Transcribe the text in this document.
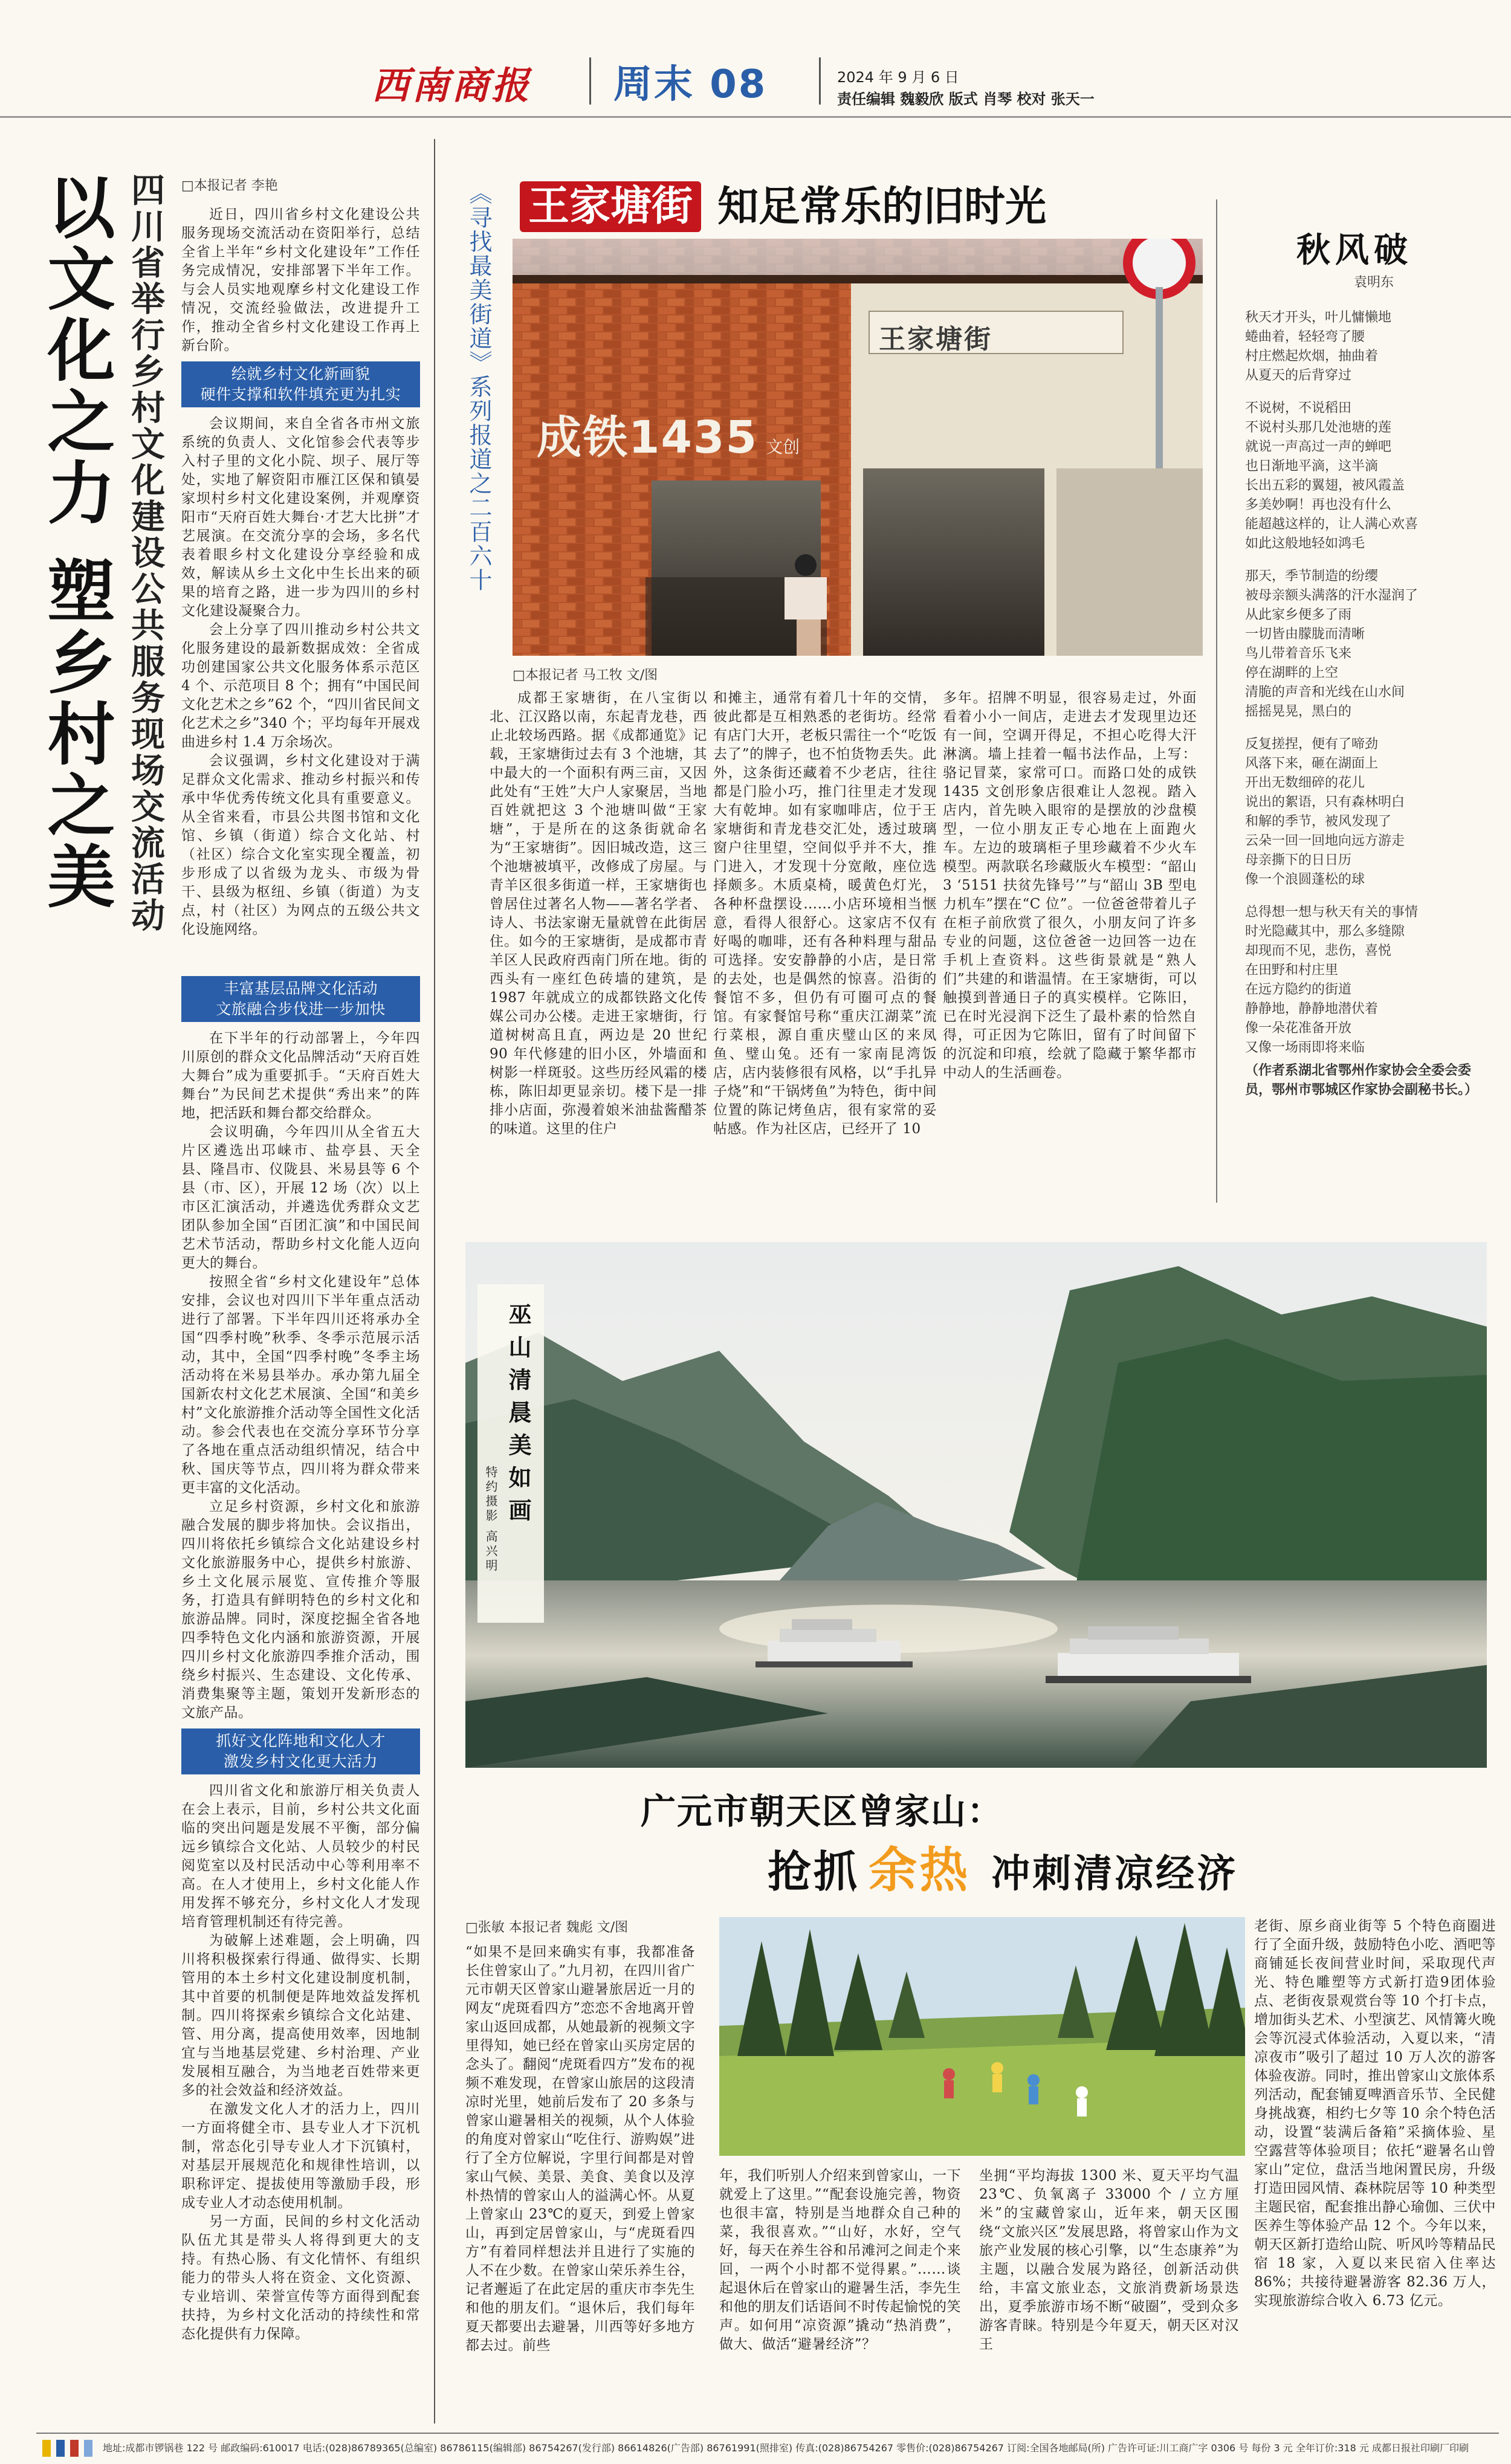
西南商报 周末 08	2024 年 9 月 6 日
责任编辑 魏毅欣 版式 肖琴 校对 张天一
以文化之力 塑乡村之美 四川省举行乡村文化建设公共服务现场交流活动 □本报记者 李艳

近日，四川省乡村文化建设公共服务现场交流活动在资阳举行，总结全省上半年“乡村文化建设年”工作任务完成情况，安排部署下半年工作。与会人员实地观摩乡村文化建设工作情况，交流经验做法，改进提升工作，推动全省乡村文化建设工作再上新台阶。

绘就乡村文化新画貌
硬件支撑和软件填充更为扎实

会议期间，来自全省各市州文旅系统的负责人、文化馆参会代表等步入村子里的文化小院、坝子、展厅等处，实地了解资阳市雁江区保和镇晏家坝村乡村文化建设案例，并观摩资阳市“天府百姓大舞台·才艺大比拼”才艺展演。在交流分享的会场，多名代表着眼乡村文化建设分享经验和成效，解读从乡土文化中生长出来的硕果的培育之路，进一步为四川的乡村文化建设凝聚合力。

会上分享了四川推动乡村公共文化服务建设的最新数据成效：全省成功创建国家公共文化服务体系示范区 4 个、示范项目 8 个；拥有“中国民间文化艺术之乡”62 个，“四川省民间文化艺术之乡”340 个；平均每年开展戏曲进乡村 1.4 万余场次。

会议强调，乡村文化建设对于满足群众文化需求、推动乡村振兴和传承中华优秀传统文化具有重要意义。从全省来看，市县公共图书馆和文化馆、乡镇（街道）综合文化站、村（社区）综合文化室实现全覆盖，初步形成了以省级为龙头、市级为骨干、县级为枢纽、乡镇（街道）为支点，村（社区）为网点的五级公共文化设施网络。

丰富基层品牌文化活动
文旅融合步伐进一步加快

在下半年的行动部署上，今年四川原创的群众文化品牌活动“天府百姓大舞台”成为重要抓手。“天府百姓大舞台”为民间艺术提供“秀出来”的阵地，把活跃和舞台都交给群众。

会议明确，今年四川从全省五大片区遴选出邛崃市、盐亭县、天全县、隆昌市、仪陇县、米易县等 6 个县（市、区），开展 12 场（次）以上市区汇演活动，并遴选优秀群众文艺团队参加全国“百团汇演”和中国民间艺术节活动，帮助乡村文化能人迈向更大的舞台。

按照全省“乡村文化建设年”总体安排，会议也对四川下半年重点活动进行了部署。下半年四川还将承办全国“四季村晚”秋季、冬季示范展示活动，其中，全国“四季村晚”冬季主场活动将在米易县举办。承办第九届全国新农村文化艺术展演、全国“和美乡村”文化旅游推介活动等全国性文化活动。参会代表也在交流分享环节分享了各地在重点活动组织情况，结合中秋、国庆等节点，四川将为群众带来更丰富的文化活动。

立足乡村资源，乡村文化和旅游融合发展的脚步将加快。会议指出，四川将依托乡镇综合文化站建设乡村文化旅游服务中心，提供乡村旅游、乡土文化展示展览、宣传推介等服务，打造具有鲜明特色的乡村文化和旅游品牌。同时，深度挖掘全省各地四季特色文化内涵和旅游资源，开展四川乡村文化旅游四季推介活动，围绕乡村振兴、生态建设、文化传承、消费集聚等主题，策划开发新形态的文旅产品。

抓好文化阵地和文化人才
激发乡村文化更大活力

四川省文化和旅游厅相关负责人在会上表示，目前，乡村公共文化面临的突出问题是发展不平衡，部分偏远乡镇综合文化站、人员较少的村民阅览室以及村民活动中心等利用率不高。在人才使用上，乡村文化能人作用发挥不够充分，乡村文化人才发现培育管理机制还有待完善。

为破解上述难题，会上明确，四川将积极探索行得通、做得实、长期管用的本土乡村文化建设制度机制，其中首要的机制便是阵地效益发挥机制。四川将探索乡镇综合文化站建、管、用分离，提高使用效率，因地制宜与当地基层党建、乡村治理、产业发展相互融合，为当地老百姓带来更多的社会效益和经济效益。

在激发文化人才的活力上，四川一方面将健全市、县专业人才下沉机制，常态化引导专业人才下沉镇村，对基层开展规范化和规律性培训，以职称评定、提拔使用等激励手段，形成专业人才动态使用机制。

另一方面，民间的乡村文化活动队伍尤其是带头人将得到更大的支持。有热心肠、有文化情怀、有组织能力的带头人将在资金、文化资源、专业培训、荣誉宣传等方面得到配套扶持，为乡村文化活动的持续性和常态化提供有力保障。

《寻找最美街道》系列报道之二百六十 王家塘街 知足常乐的旧时光
成铁1435 文创
王家塘街
□本报记者 马工牧 文/图
成都王家塘街，在八宝街以北、江汉路以南，东起青龙巷，西止北较场西路。据《成都通览》记载，王家塘街过去有 3 个池塘，其中最大的一个面积有两三亩，又因此处有“王姓”大户人家聚居，当地百姓就把这 3 个池塘叫做“王家塘”，于是所在的这条街就命名为“王家塘街”。因旧城改造，这三个池塘被填平，改修成了房屋。与青羊区很多街道一样，王家塘街也曾居住过著名人物——著名学者、诗人、书法家谢无量就曾在此街居住。如今的王家塘街，是成都市青羊区人民政府西南门所在地。街的西头有一座红色砖墙的建筑，是 1987 年就成立的成都铁路文化传媒公司办公楼。走进王家塘街，行道树树高且直，两边是 20 世纪 90 年代修建的旧小区，外墙面和树影一样斑驳。这些历经风霜的楼栋，陈旧却更显亲切。楼下是一排排小店面，弥漫着娘米油盐酱醋茶的味道。这里的住户
和摊主，通常有着几十年的交情，彼此都是互相熟悉的老街坊。经常有店门大开，老板只需往一个“吃饭去了”的牌子，也不怕货物丢失。此外，这条街还藏着不少老店，往往都是门脸小巧，推门往里走才发现大有乾坤。如有家咖啡店，位于王家塘街和青龙巷交汇处，透过玻璃窗户往里望，空间似乎并不大，推门进入，才发现十分宽敞，座位选择颇多。木质桌椅，暖黄色灯光，各种杯盘摆设……小店环境相当惬意，看得人很舒心。这家店不仅有好喝的咖啡，还有各种料理与甜品可选择。安安静静的小店，是日常的去处，也是偶然的惊喜。沿街的餐馆不多，但仍有可圈可点的餐馆。有家餐馆号称“重庆江湖菜”流行菜根，源自重庆璧山区的来凤鱼、璧山兔。还有一家南昆湾饭店，店内装修很有风格，以“手扎异子烧”和“干锅烤鱼”为特色，街中间位置的陈记烤鱼店，很有家常的妥帖感。作为社区店，已经开了 10
多年。招牌不明显，很容易走过，外面看着小小一间店，走进去才发现里边还有一间，空调开得足，不担心吃得大汗淋漓。墙上挂着一幅书法作品，上写：骆记冒菜，家常可口。而路口处的成铁 1435 文创形象店很难让人忽视。踏入店内，首先映入眼帘的是摆放的沙盘模型，一位小朋友正专心地在上面跑火车。左边的玻璃柜子里珍藏着不少火车模型。两款联名珍藏版火车模型：“韶山 3 ‘5151 扶贫先锋号’”与“韶山 3B 型电力机车”摆在“C 位”。一位爸爸带着儿子在柜子前欣赏了很久，小朋友问了许多专业的问题，这位爸爸一边回答一边在手机上查资料。这些街景就是“熟人们”共建的和谐温情。在王家塘街，可以触摸到普通日子的真实模样。它陈旧，已在时光浸润下泛生了最朴素的恰然自得，可正因为它陈旧，留有了时间留下的沉淀和印痕，绘就了隐藏于繁华都市中动人的生活画卷。
秋风破
袁明东
秋天才开头，叶儿慵懒地
蜷曲着，轻轻弯了腰
村庄燃起炊烟，抽曲着
从夏天的后背穿过
不说树，不说稻田
不说村头那几处池塘的莲
就说一声高过一声的蝉吧
也日渐地平滴，这半滴
长出五彩的翼翅，被风霞盖
多美妙啊！再也没有什么
能超越这样的，让人满心欢喜
如此这般地轻如鸿毛
那天，季节制造的纷缨
被母亲额头满落的汗水湿润了
从此家乡便多了雨
一切皆由朦胧而清晰
鸟儿带着音乐飞来
停在湖畔的上空
清脆的声音和光线在山水间
摇摇晃晃，黑白的
反复搓捏，便有了啼劲
风落下来，砸在湖面上
开出无数细碎的花儿
说出的絮语，只有森林明白
和解的季节，被风发现了
云朵一回一回地向远方游走
母亲撕下的日日历
像一个浪圆蓬松的球
总得想一想与秋天有关的事情
时光隐藏其中，那么多缝隙
却现而不见，悲伤，喜悦
在田野和村庄里
在远方隐约的街道
静静地，静静地潜伏着
像一朵花准备开放
又像一场雨即将来临
（作者系湖北省鄂州作家协会全委会委员，鄂州市鄂城区作家协会副秘书长。）
巫山清晨美如画
特约摄影 高兴明
广元市朝天区曾家山：
抢抓 余热 冲刺清凉经济
□张敏 本报记者 魏彪 文/图
“如果不是回来确实有事，我都准备长住曾家山了。”九月初，在四川省广元市朝天区曾家山避暑旅居近一月的网友“虎斑看四方”恋恋不舍地离开曾家山返回成都，从她最新的视频文字里得知，她已经在曾家山买房定居的念头了。翻阅“虎斑看四方”发布的视频不难发现，在曾家山旅居的这段清凉时光里，她前后发布了 20 多条与曾家山避暑相关的视频，从个人体验的角度对曾家山“吃住行、游购娱”进行了全方位解说，字里行间都是对曾家山气候、美景、美食、美食以及淳朴热情的曾家山人的溢满心怀。从夏上曾家山 23℃的夏天，到爱上曾家山，再到定居曾家山，与“虎斑看四方”有着同样想法并且进行了实施的人不在少数。在曾家山荣乐养生谷，记者邂逅了在此定居的重庆市李先生和他的朋友们。“退休后，我们每年夏天都要出去避暑，川西等好多地方都去过。前些
年，我们听别人介绍来到曾家山，一下就爱上了这里。”“配套设施完善，物资也很丰富，特别是当地群众自己种的菜，我很喜欢。”“山好，水好，空气好，每天在养生谷和吊滩河之间走个来回，一两个小时都不觉得累。”……谈起退休后在曾家山的避暑生活，李先生和他的朋友们话语间不时传起愉悦的笑声。如何用“凉资源”撬动“热消费”，做大、做活“避暑经济”？
坐拥“平均海拔 1300 米、夏天平均气温 23℃、负氧离子 33000 个 / 立方厘米”的宝藏曾家山，近年来，朝天区围绕“文旅兴区”发展思路，将曾家山作为文旅产业发展的核心引擎，以“生态康养”为主题，以融合发展为路径，创新活动供给，丰富文旅业态，文旅消费新场景迭出，夏季旅游市场不断“破圈”，受到众多游客青睐。特别是今年夏天，朝天区对汉王
老街、原乡商业街等 5 个特色商圈进行了全面升级，鼓励特色小吃、酒吧等商铺延长夜间营业时间，采取现代声光、特色雕塑等方式新打造9团体验点、老街夜景观赏台等 10 个打卡点，增加街头艺术、小型演艺、风情篝火晚会等沉浸式体验活动，入夏以来，“清凉夜市”吸引了超过 10 万人次的游客体验夜游。同时，推出曾家山文旅体系列活动，配套铺夏啤酒音乐节、全民健身挑战赛，相约七夕等 10 余个特色活动，设置“装满后备箱”采摘体验、星空露营等体验项目；依托“避暑名山曾家山”定位，盘活当地闲置民房，升级打造田园风情、森林院居等 10 种类型主题民宿，配套推出静心瑜伽、三伏中医养生等体验产品 12 个。今年以来，朝天区新打造给山院、听风吟等精品民宿 18 家，入夏以来民宿入住率达 86%；共接待避暑游客 82.36 万人，实现旅游综合收入 6.73 亿元。

地址:成都市锣锅巷 122 号 邮政编码:610017 电话:(028)86789365(总编室) 86786115(编辑部) 86754267(发行部) 86614826(广告部) 86761991(照排室) 传真:(028)86754267 零售价:(028)86754267 订阅:全国各地邮局(所) 广告许可证:川工商广字 0306 号 每份 3 元 全年订价:318 元 成都日报社印刷厂印刷
